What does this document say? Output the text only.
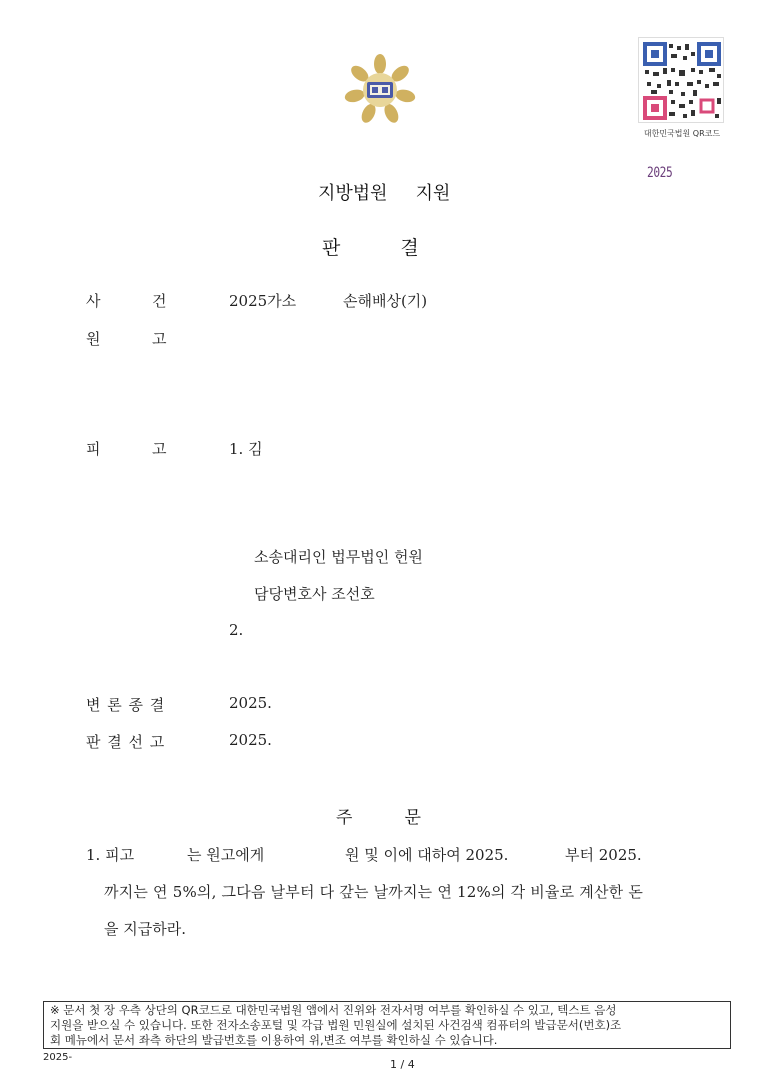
대한민국법원 QR코드
2025
지방법원 지원
판	결
사	건	2025가소	손해배상(기)
원	고
피	고	1. 김
소송대리인 법무법인 헌원
담당변호사 조선호
2.
변 론 종 결	2025.
판 결 선 고	2025.
주	문
1. 피고	는 원고에게	원 및 이에 대하여 2025.	부터 2025.
까지는 연 5%의, 그다음 날부터 다 갚는 날까지는 연 12%의 각 비율로 계산한 돈
을 지급하라.
※ 문서 첫 장 우측 상단의 QR코드로 대한민국법원 앱에서 진위와 전자서명 여부를 확인하실 수 있고, 텍스트 음성
지원을 받으실 수 있습니다. 또한 전자소송포털 및 각급 법원 민원실에 설치된 사건검색 컴퓨터의 발급문서(번호)조
회 메뉴에서 문서 좌측 하단의 발급번호를 이용하여 위,변조 여부를 확인하실 수 있습니다.
2025-
1 / 4
